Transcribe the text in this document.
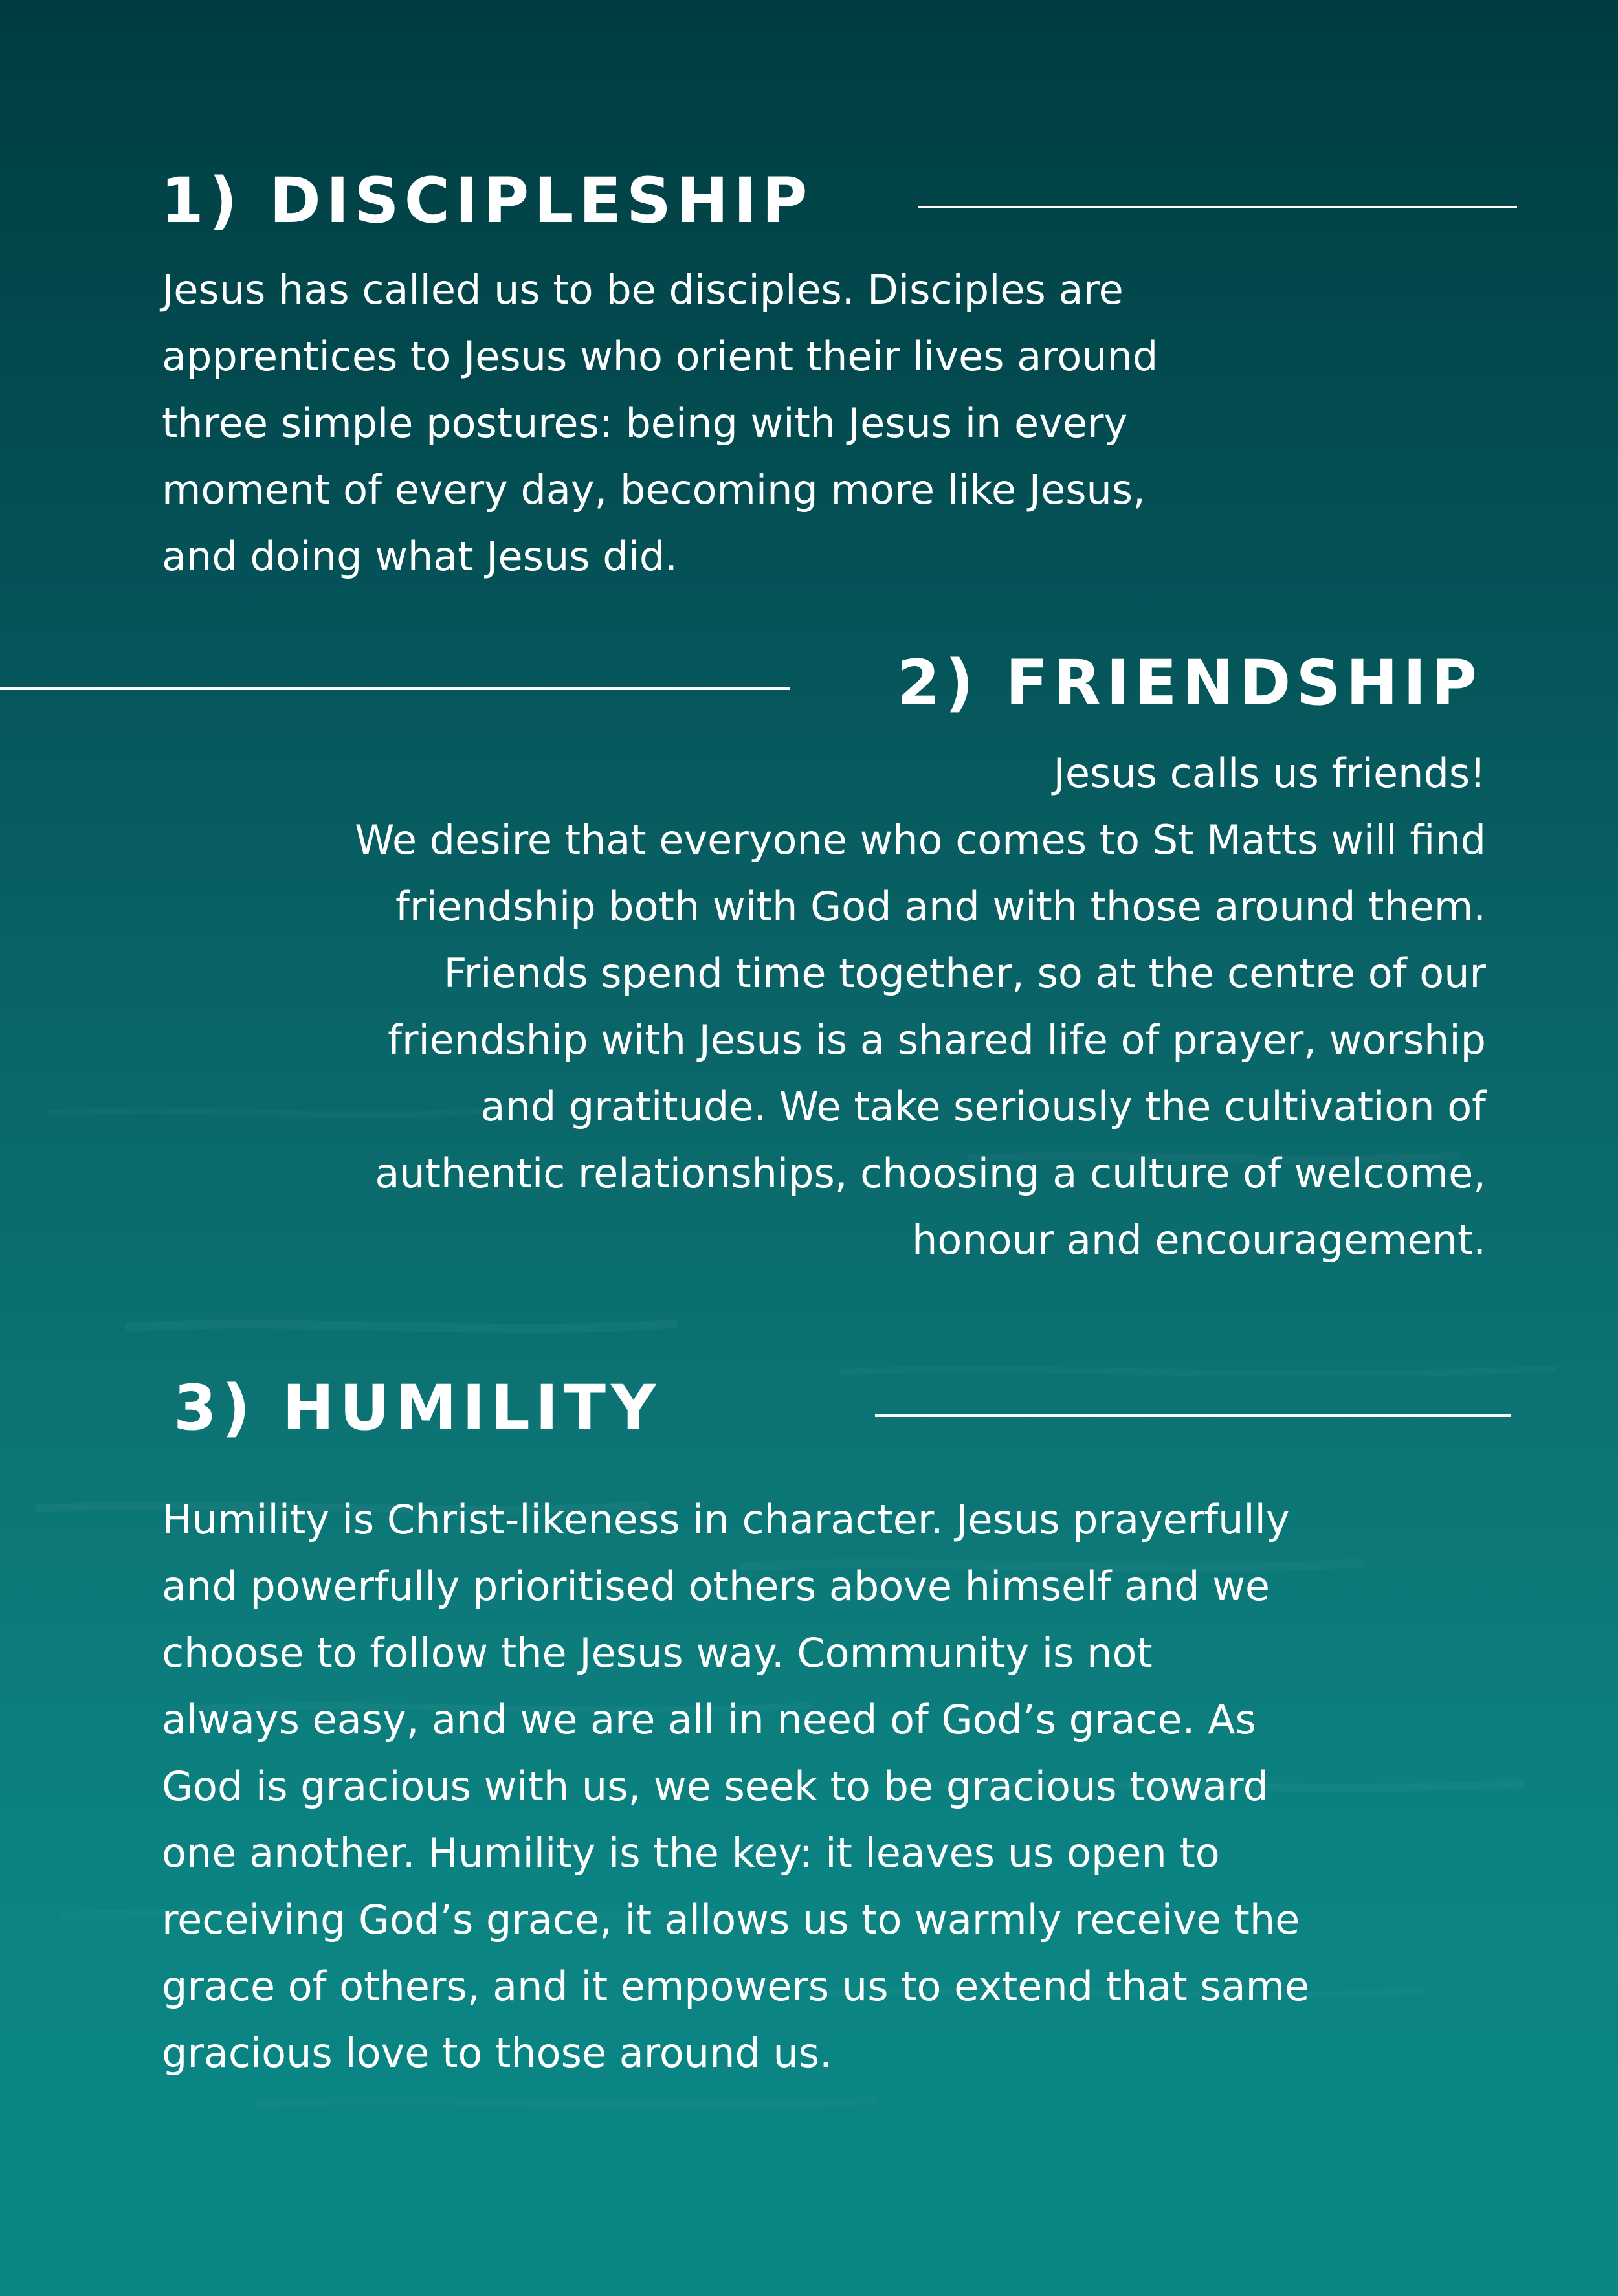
1) DISCIPLESHIP

Jesus has called us to be disciples. Disciples are
apprentices to Jesus who orient their lives around
three simple postures: being with Jesus in every
moment of every day, becoming more like Jesus,
and doing what Jesus did.

2) FRIENDSHIP

Jesus calls us friends!
We desire that everyone who comes to St Matts will find
friendship both with God and with those around them.
Friends spend time together, so at the centre of our
friendship with Jesus is a shared life of prayer, worship
and gratitude. We take seriously the cultivation of
authentic relationships, choosing a culture of welcome,
honour and encouragement.

3) HUMILITY

Humility is Christ-likeness in character. Jesus prayerfully
and powerfully prioritised others above himself and we
choose to follow the Jesus way. Community is not
always easy, and we are all in need of God’s grace. As
God is gracious with us, we seek to be gracious toward
one another. Humility is the key: it leaves us open to
receiving God’s grace, it allows us to warmly receive the
grace of others, and it empowers us to extend that same
gracious love to those around us.
